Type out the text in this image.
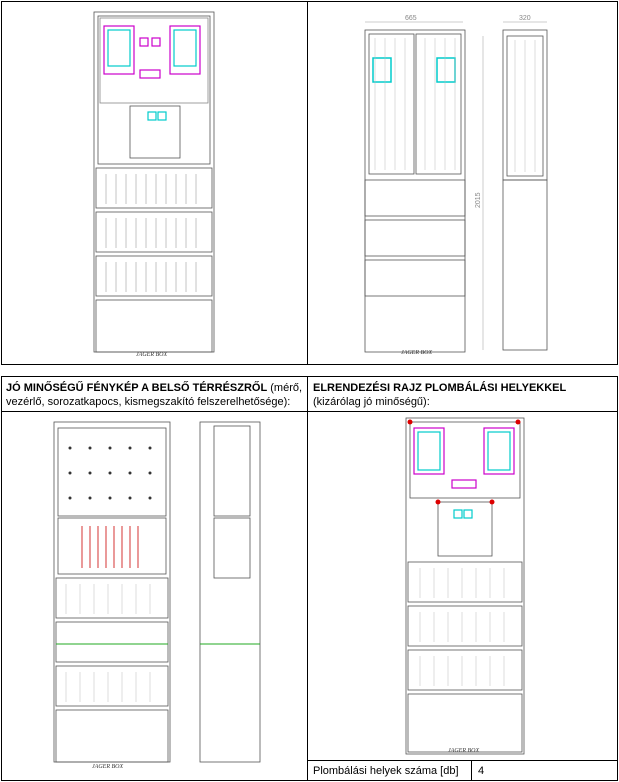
JÓ MINŐSÉGŰ FÉNYKÉP A BELSŐ TÉRRÉSZRŐL (mérő, vezérlő, sorozatkapocs, kismegszakító felszerelhetősége):
ELRENDEZÉSI RAJZ PLOMBÁLÁSI HELYEKKEL (kizárólag jó minőségű):
Plombálási helyek száma [db] 4
JAGER BOX
665	320
2015
JAGER BOX
JAGER BOX
JAGER BOX
